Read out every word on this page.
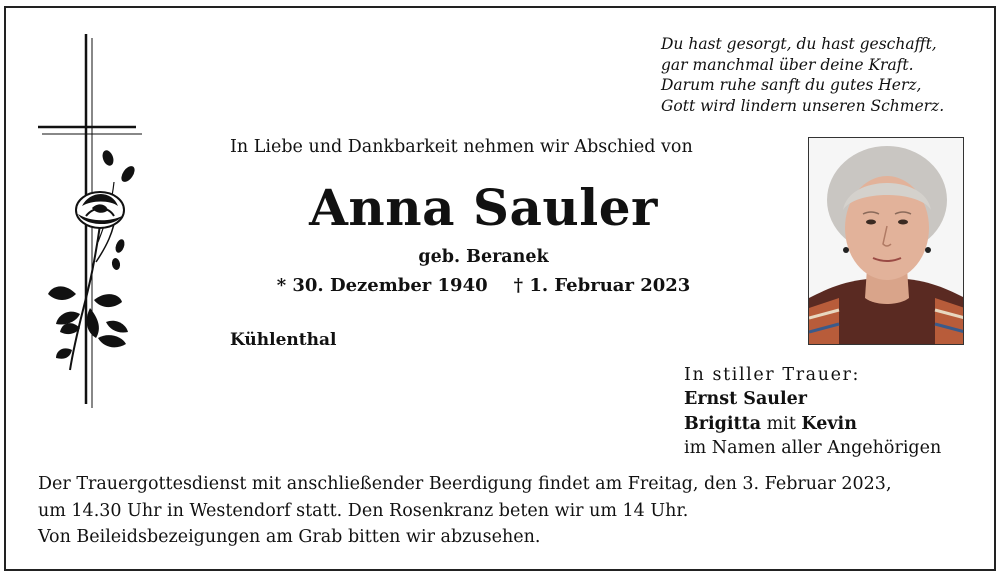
Du hast gesorgt, du hast geschafft,
gar manchmal über deine Kraft.
Darum ruhe sanft du gutes Herz,
Gott wird lindern unseren Schmerz.
In Liebe und Dankbarkeit nehmen wir Abschied von
Anna Sauler
geb. Beranek
* 30. Dezember 1940 † 1. Februar 2023
Kühlenthal
In stiller Trauer:
Ernst Sauler
Brigitta mit Kevin
im Namen aller Angehörigen
Der Trauergottesdienst mit anschließender Beerdigung findet am Freitag, den 3. Februar 2023,
um 14.30 Uhr in Westendorf statt. Den Rosenkranz beten wir um 14 Uhr.
Von Beileidsbezeigungen am Grab bitten wir abzusehen.
